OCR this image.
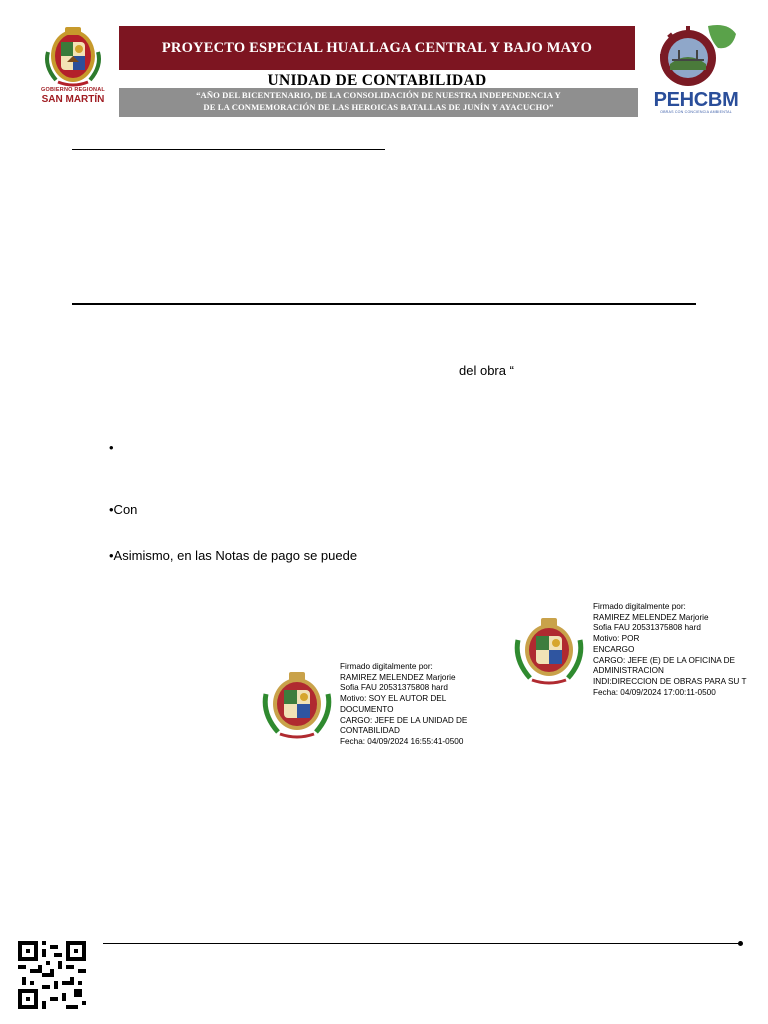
GOBIERNO REGIONAL
SAN MARTÍN
PROYECTO ESPECIAL HUALLAGA CENTRAL Y BAJO MAYO
UNIDAD DE CONTABILIDAD
“AÑO DEL BICENTENARIO, DE LA CONSOLIDACIÓN DE NUESTRA INDEPENDENCIA Y
DE LA CONMEMORACIÓN DE LAS HEROICAS BATALLAS DE JUNÍN Y AYACUCHO”	PEHCBM
OBRAS CON CONCIENCIA AMBIENTAL
del obra “
•
•Con
•Asimismo, en las Notas de pago se puede
Firmado digitalmente por:
RAMIREZ MELENDEZ Marjorie
Sofia FAU 20531375808 hard
Motivo: POR
ENCARGO
CARGO: JEFE (E) DE LA OFICINA DE
ADMINISTRACION
INDI:DIRECCION DE OBRAS PARA SU T
Fecha: 04/09/2024 17:00:11-0500
Firmado digitalmente por:
RAMIREZ MELENDEZ Marjorie
Sofia FAU 20531375808 hard
Motivo: SOY EL AUTOR DEL
DOCUMENTO
CARGO: JEFE DE LA UNIDAD DE
CONTABILIDAD
Fecha: 04/09/2024 16:55:41-0500
